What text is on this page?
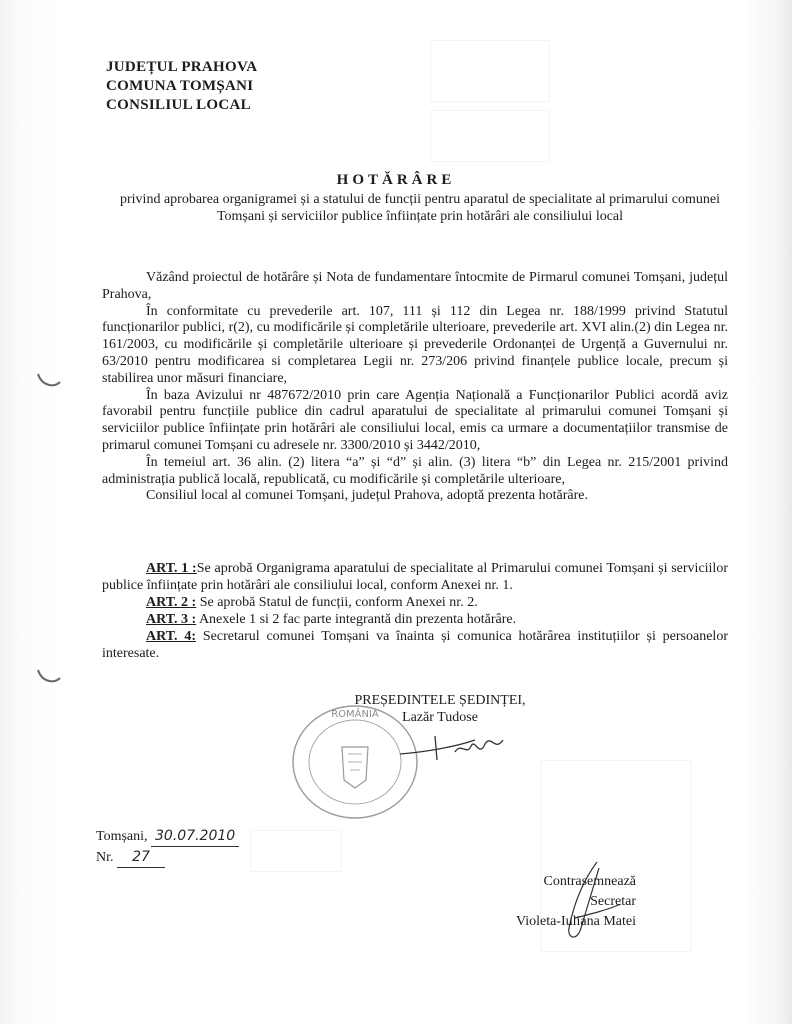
JUDEȚUL PRAHOVA
COMUNA TOMȘANI
CONSILIUL LOCAL
HOTĂRÂRE
privind aprobarea organigramei și a statului de funcții pentru aparatul de specialitate al primarului comunei Tomșani și serviciilor publice înființate prin hotărâri ale consiliului local

Văzând proiectul de hotărâre și Nota de fundamentare întocmite de Pirmarul comunei Tomșani, județul Prahova,

În conformitate cu prevederile art. 107, 111 și 112 din Legea nr. 188/1999 privind Statutul funcționarilor publici, r(2), cu modificările și completările ulterioare, prevederile art. XVI alin.(2) din Legea nr. 161/2003, cu modificările și completările ulterioare și prevederile Ordonanței de Urgență a Guvernului nr. 63/2010 pentru modificarea si completarea Legii nr. 273/206 privind finanțele publice locale, precum și stabilirea unor măsuri financiare,

În baza Avizului nr 487672/2010 prin care Agenția Națională a Funcționarilor Publici acordă aviz favorabil pentru funcțiile publice din cadrul aparatului de specialitate al primarului comunei Tomșani și serviciilor publice înființate prin hotărâri ale consiliului local, emis ca urmare a documentațiilor transmise de primarul comunei Tomșani cu adresele nr. 3300/2010 și 3442/2010,

În temeiul art. 36 alin. (2) litera “a” și “d” și alin. (3) litera “b” din Legea nr. 215/2001 privind administrația publică locală, republicată, cu modificările și completările ulterioare,

Consiliul local al comunei Tomșani, județul Prahova, adoptă prezenta hotărâre.

ART. 1 :Se aprobă Organigrama aparatului de specialitate al Primarului comunei Tomșani și serviciilor publice înființate prin hotărâri ale consiliului local, conform Anexei nr. 1.

ART. 2 : Se aprobă Statul de funcții, conform Anexei nr. 2.

ART. 3 : Anexele 1 si 2 fac parte integrantă din prezenta hotărâre.

ART. 4: Secretarul comunei Tomșani va înainta și comunica hotărârea instituțiilor și persoanelor interesate.

ROMÂNIA
PREȘEDINTELE ȘEDINȚEI,
Lazăr Tudose
Tomșani, 30.07.2010
Nr. 27
Contrasemnează
Secretar
Violeta-Iuliana Matei
